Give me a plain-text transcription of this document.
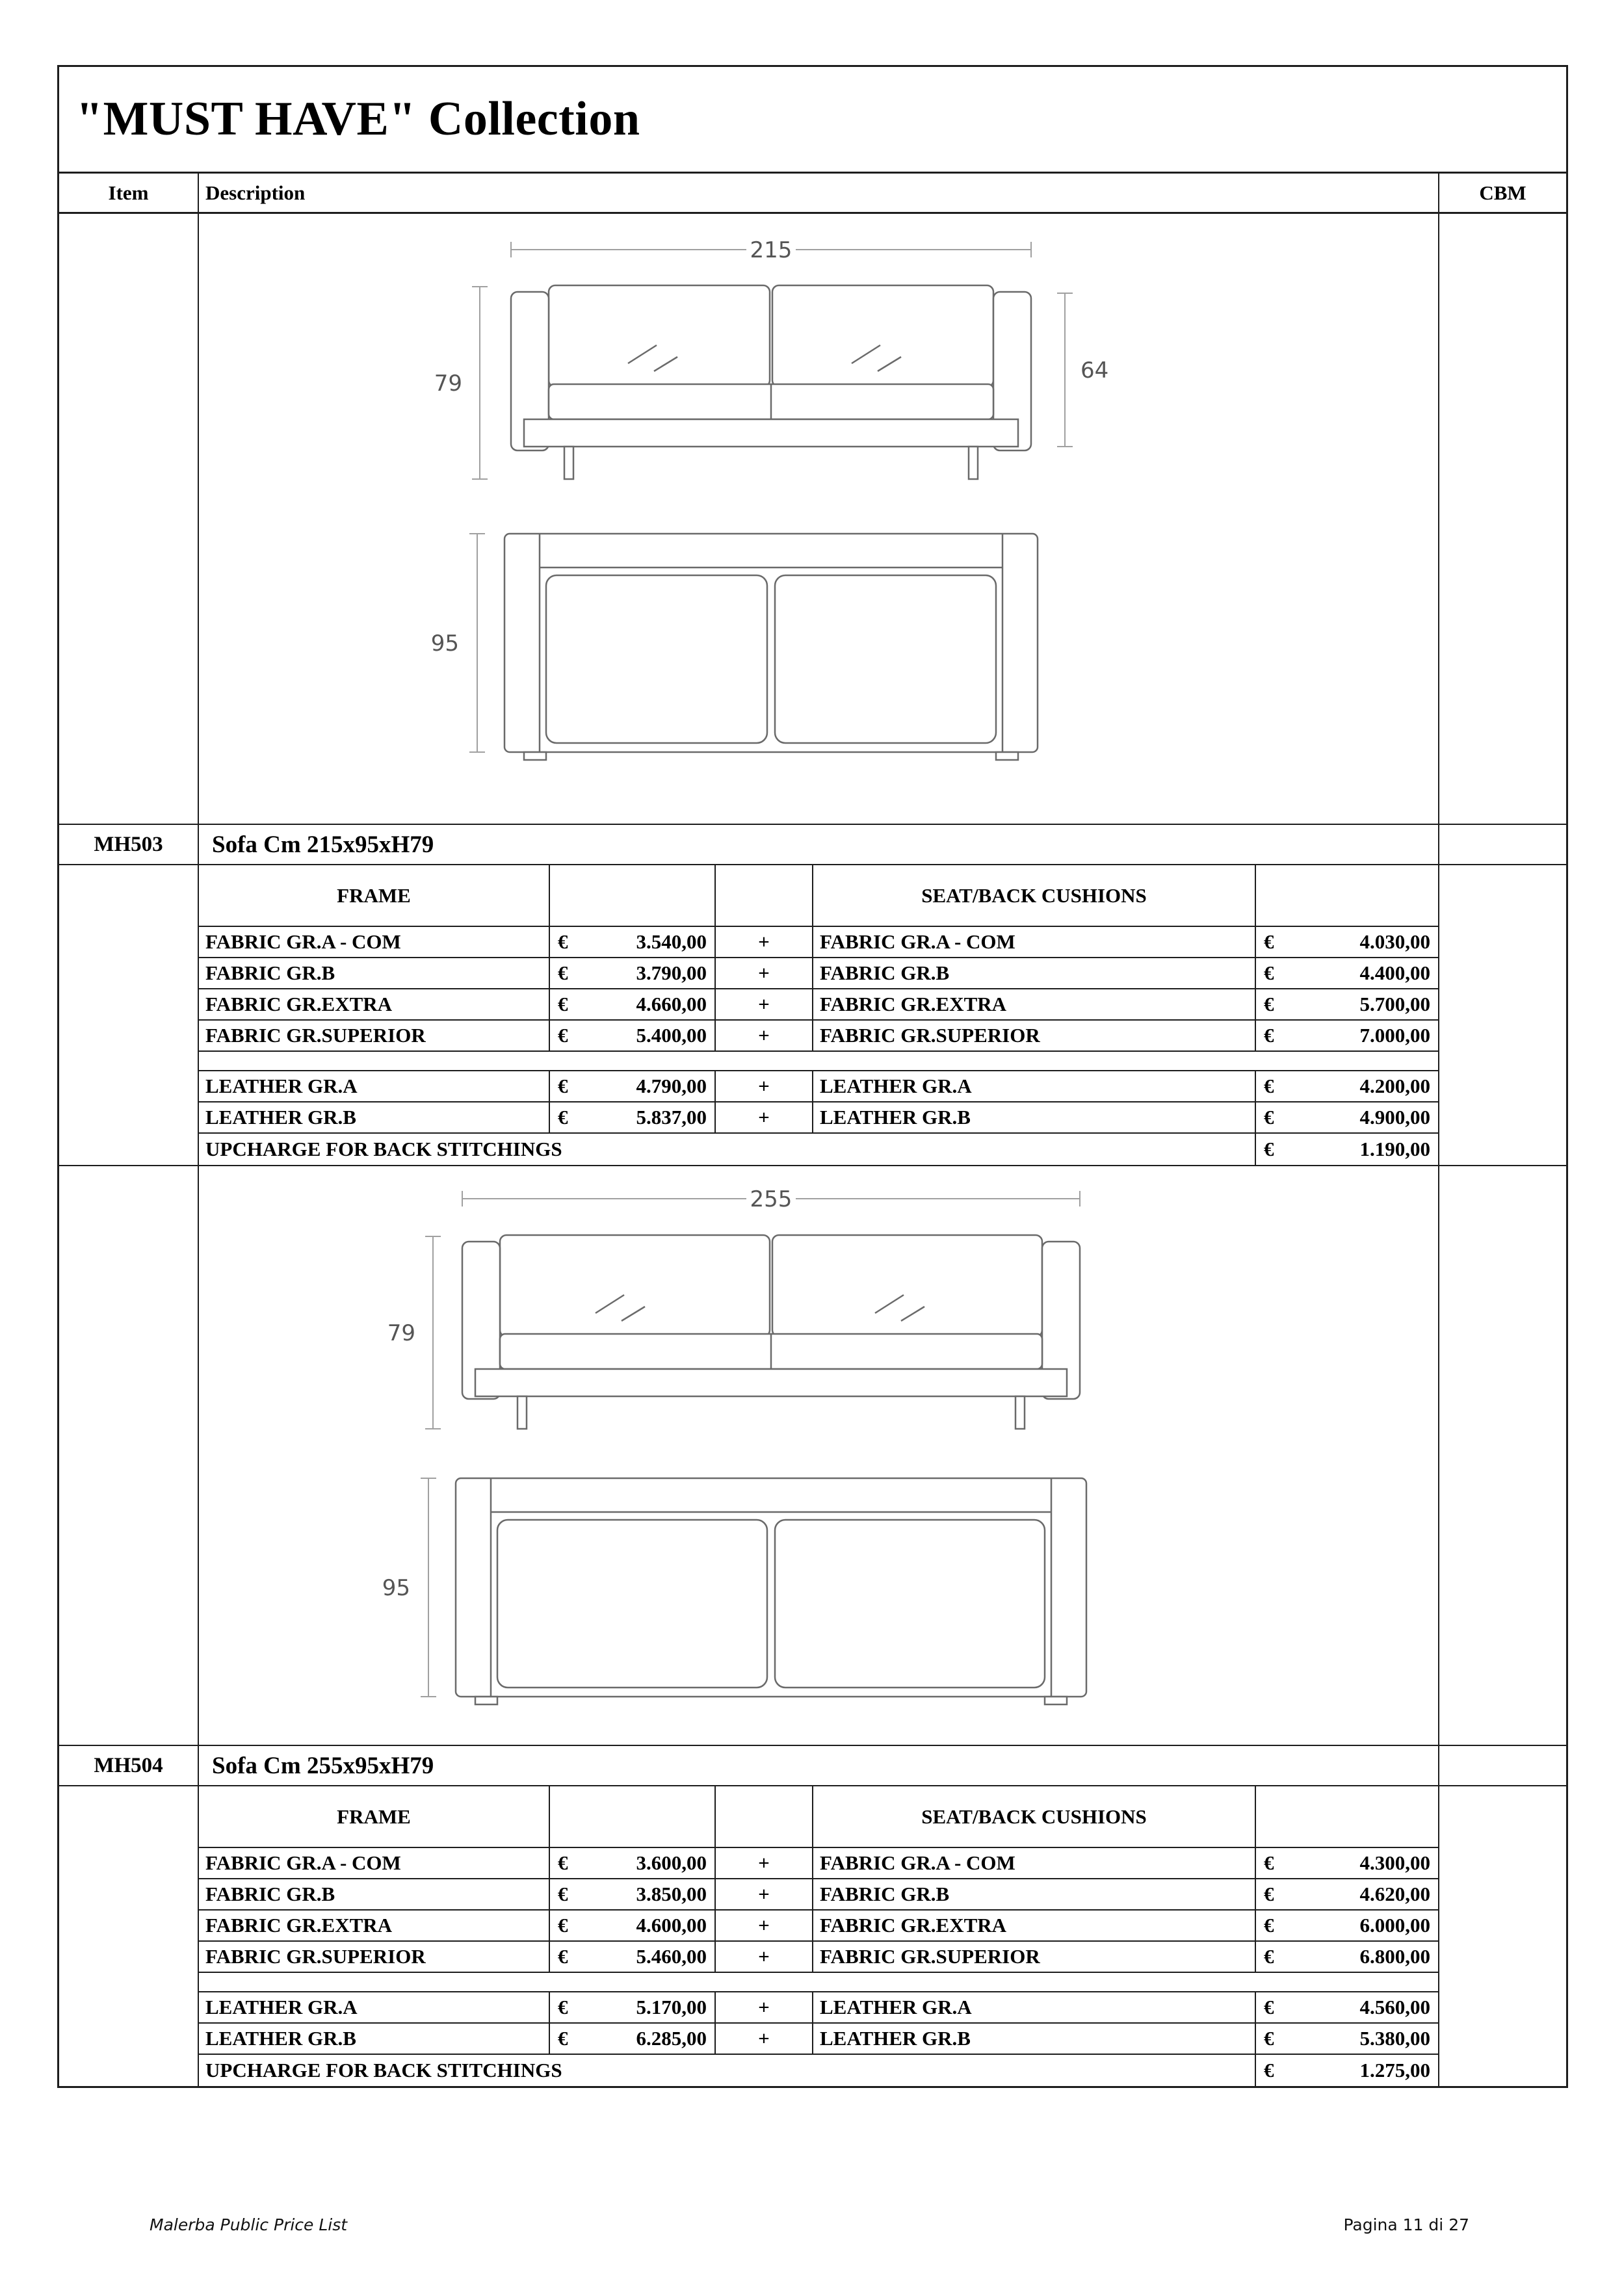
"MUST HAVE" Collection
Item	Description	CBM
215
79	64
95
MH503	Sofa Cm 215x95xH79
FRAME	SEAT/BACK CUSHIONS
FABRIC GR.A - COM	€	3.540,00	+	FABRIC GR.A - COM	€	4.030,00
FABRIC GR.B	€	3.790,00	+	FABRIC GR.B	€	4.400,00
FABRIC GR.EXTRA	€	4.660,00	+	FABRIC GR.EXTRA	€	5.700,00
FABRIC GR.SUPERIOR	€	5.400,00	+	FABRIC GR.SUPERIOR	€	7.000,00
LEATHER GR.A	€	4.790,00	+	LEATHER GR.A	€	4.200,00
LEATHER GR.B	€	5.837,00	+	LEATHER GR.B	€	4.900,00
UPCHARGE FOR BACK STITCHINGS	€	1.190,00
255
79
95
MH504	Sofa Cm 255x95xH79
FRAME	SEAT/BACK CUSHIONS
FABRIC GR.A - COM	€	3.600,00	+	FABRIC GR.A - COM	€	4.300,00
FABRIC GR.B	€	3.850,00	+	FABRIC GR.B	€	4.620,00
FABRIC GR.EXTRA	€	4.600,00	+	FABRIC GR.EXTRA	€	6.000,00
FABRIC GR.SUPERIOR	€	5.460,00	+	FABRIC GR.SUPERIOR	€	6.800,00
LEATHER GR.A	€	5.170,00	+	LEATHER GR.A	€	4.560,00
LEATHER GR.B	€	6.285,00	+	LEATHER GR.B	€	5.380,00
UPCHARGE FOR BACK STITCHINGS	€	1.275,00
Malerba Public Price List	Pagina 11 di 27
